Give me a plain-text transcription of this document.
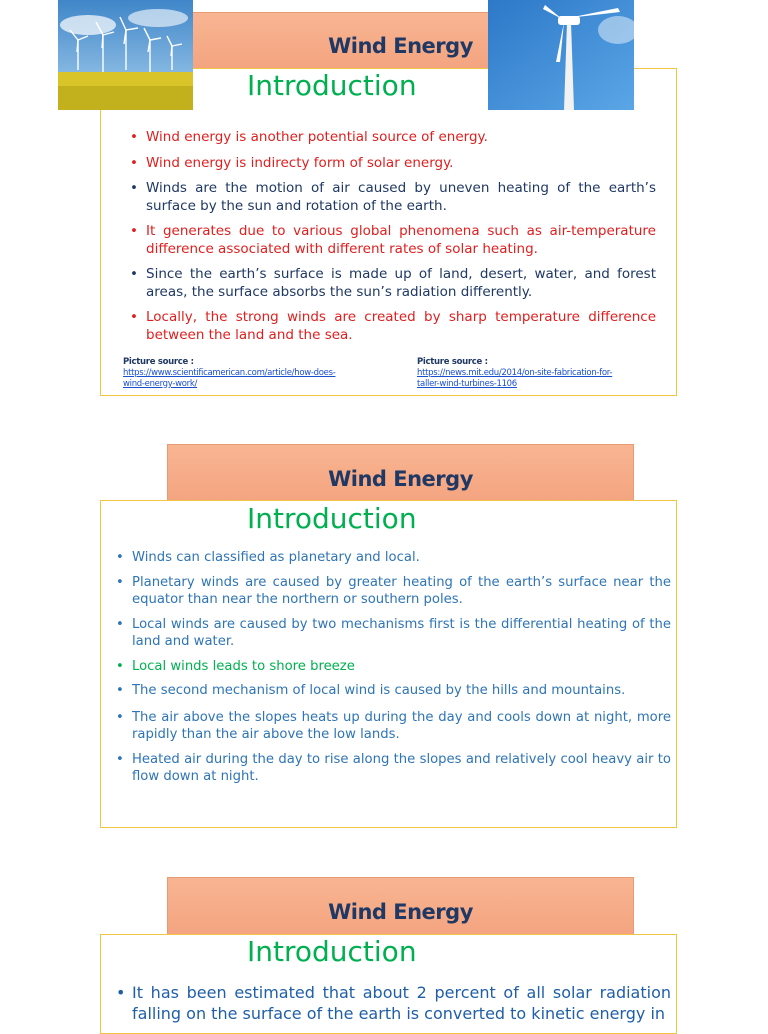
Wind Energy
Introduction
• Wind energy is another potential source of energy.
• Wind energy is indirecty form of solar energy.
• Winds are the motion of air caused by uneven heating of the earth’s surface by the sun and rotation of the earth.
• It generates due to various global phenomena such as air-temperature difference associated with different rates of solar heating.
• Since the earth’s surface is made up of land, desert, water, and forest areas, the surface absorbs the sun’s radiation differently.
• Locally, the strong winds are created by sharp temperature difference between the land and the sea.
Picture source :
https://www.scientificamerican.com/article/how-does-
wind-energy-work/
Picture source :
https://news.mit.edu/2014/on-site-fabrication-for-
taller-wind-turbines-1106
Wind Energy
Introduction
• Winds can classified as planetary and local.
• Planetary winds are caused by greater heating of the earth’s surface near the equator than near the northern or southern poles.
• Local winds are caused by two mechanisms first is the differential heating of the land and water.
• Local winds leads to shore breeze
• The second mechanism of local wind is caused by the hills and mountains.
• The air above the slopes heats up during the day and cools down at night, more rapidly than the air above the low lands.
• Heated air during the day to rise along the slopes and relatively cool heavy air to flow down at night.
Wind Energy
Introduction
• It has been estimated that about 2 percent of all solar radiation falling on the surface of the earth is converted to kinetic energy in
